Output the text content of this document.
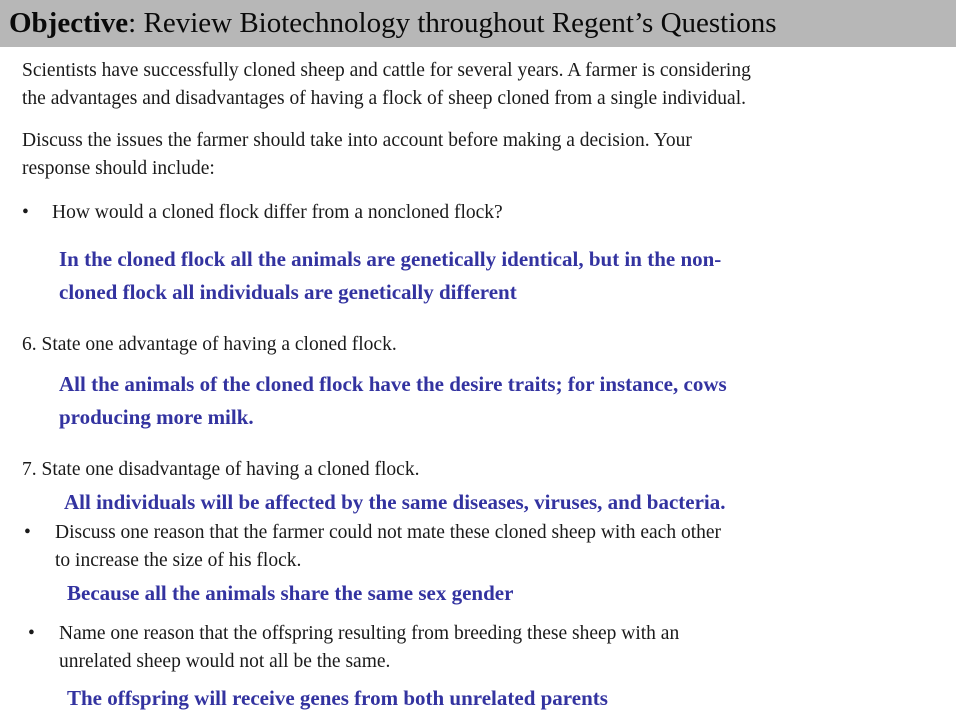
Objective: Review Biotechnology throughout Regent’s Questions
Scientists have successfully cloned sheep and cattle for several years. A farmer is considering
the advantages and disadvantages of having a flock of sheep cloned from a single individual.
Discuss the issues the farmer should take into account before making a decision. Your
response should include:
• How would a cloned flock differ from a noncloned flock?
In the cloned flock all the animals are genetically identical, but in the non-
cloned flock all individuals are genetically different
6. State one advantage of having a cloned flock.
All the animals of the cloned flock have the desire traits; for instance, cows
producing more milk.
7. State one disadvantage of having a cloned flock.
All individuals will be affected by the same diseases, viruses, and bacteria.
• Discuss one reason that the farmer could not mate these cloned sheep with each other
to increase the size of his flock.
Because all the animals share the same sex gender
• Name one reason that the offspring resulting from breeding these sheep with an
unrelated sheep would not all be the same.
The offspring will receive genes from both unrelated parents
